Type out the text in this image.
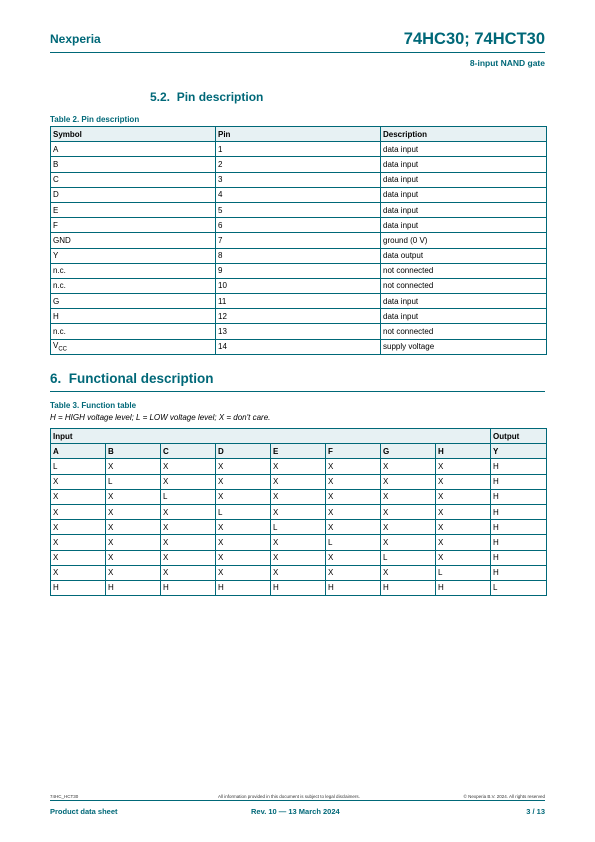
Nexperia	74HC30; 74HCT30
8-input NAND gate
5.2. Pin description
Table 2. Pin description
Symbol	Pin	Description
A	1	data input
B	2	data input
C	3	data input
D	4	data input
E	5	data input
F	6	data input
GND	7	ground (0 V)
Y	8	data output
n.c.	9	not connected
n.c.	10	not connected
G	11	data input
H	12	data input
n.c.	13	not connected
$V_{CC}$	14	supply voltage
6. Functional description
Table 3. Function table
H = HIGH voltage level; L = LOW voltage level; X = don't care.
Input								Output
A	B	C	D	E	F	G	H	Y
L	X	X	X	X	X	X	X	H
X	L	X	X	X	X	X	X	H
X	X	L	X	X	X	X	X	H
X	X	X	L	X	X	X	X	H
X	X	X	X	L	X	X	X	H
X	X	X	X	X	L	X	X	H
X	X	X	X	X	X	L	X	H
X	X	X	X	X	X	X	L	H
H	H	H	H	H	H	H	H	L
74HC_HCT30	All information provided in this document is subject to legal disclaimers.	© Nexperia B.V. 2024. All rights reserved
Product data sheet	Rev. 10 — 13 March 2024	3 / 13
